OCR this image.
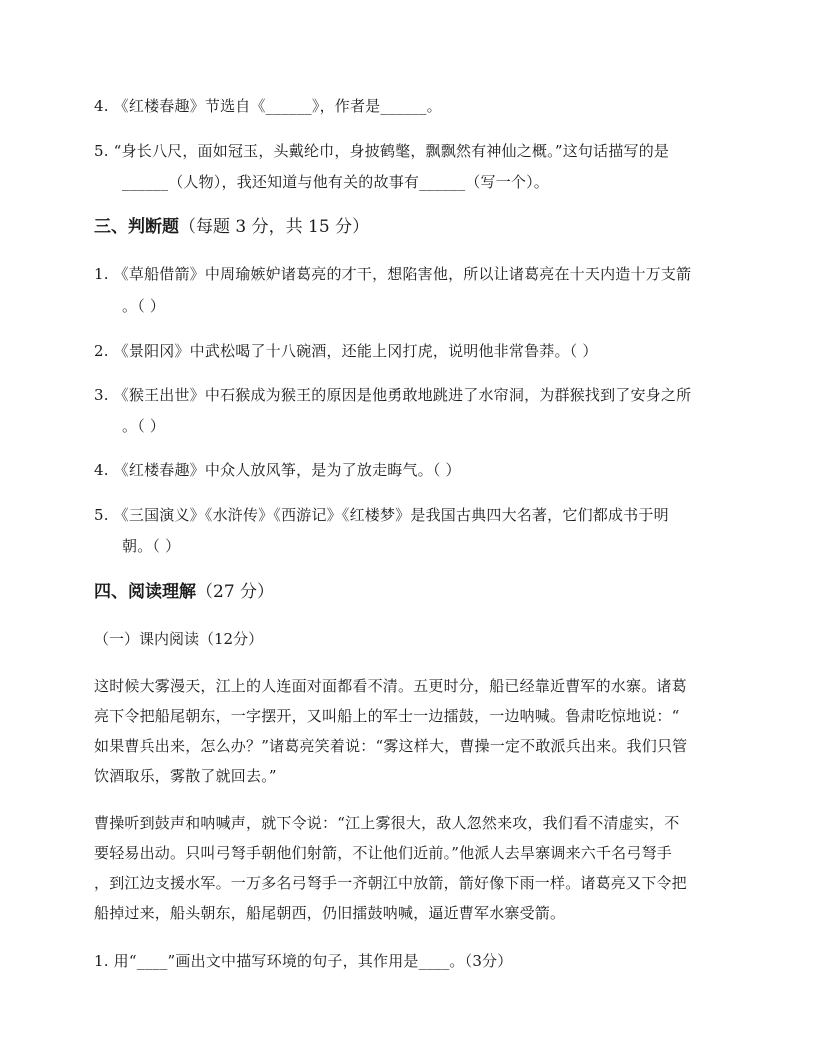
4. 《红楼春趣》节选自《______》，作者是______。
5. “身长八尺，面如冠玉，头戴纶巾，身披鹤氅，飘飘然有神仙之概。”这句话描写的是
______（人物），我还知道与他有关的故事有______（写一个）。
三、判断题（每题 3 分，共 15 分）
1. 《草船借箭》中周瑜嫉妒诸葛亮的才干，想陷害他，所以让诸葛亮在十天内造十万支箭
。（ ）
2. 《景阳冈》中武松喝了十八碗酒，还能上冈打虎，说明他非常鲁莽。（ ）
3. 《猴王出世》中石猴成为猴王的原因是他勇敢地跳进了水帘洞，为群猴找到了安身之所
。（ ）
4. 《红楼春趣》中众人放风筝，是为了放走晦气。（ ）
5. 《三国演义》《水浒传》《西游记》《红楼梦》是我国古典四大名著，它们都成书于明
朝。（ ）
四、阅读理解（27 分）
（一）课内阅读（12分）
这时候大雾漫天，江上的人连面对面都看不清。五更时分，船已经靠近曹军的水寨。诸葛
亮下令把船尾朝东，一字摆开，又叫船上的军士一边擂鼓，一边呐喊。鲁肃吃惊地说：“
如果曹兵出来，怎么办？”诸葛亮笑着说：“雾这样大，曹操一定不敢派兵出来。我们只管
饮酒取乐，雾散了就回去。”
曹操听到鼓声和呐喊声，就下令说：“江上雾很大，敌人忽然来攻，我们看不清虚实，不
要轻易出动。只叫弓弩手朝他们射箭，不让他们近前。”他派人去旱寨调来六千名弓弩手
，到江边支援水军。一万多名弓弩手一齐朝江中放箭，箭好像下雨一样。诸葛亮又下令把
船掉过来，船头朝东，船尾朝西，仍旧擂鼓呐喊，逼近曹军水寨受箭。
1. 用“____”画出文中描写环境的句子，其作用是____。（3分）
